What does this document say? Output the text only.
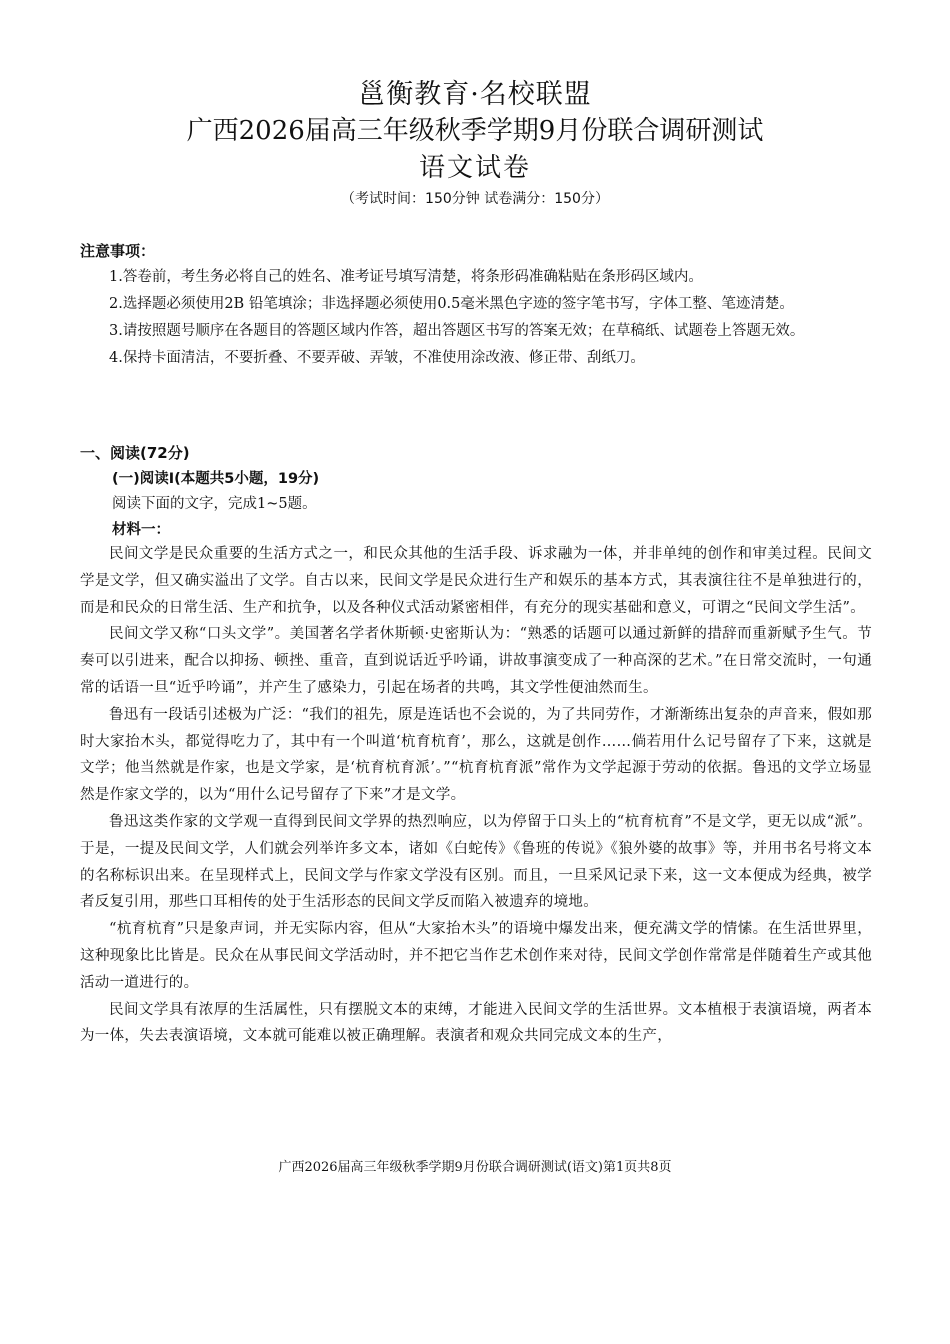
邕衡教育·名校联盟
广西2026届高三年级秋季学期9月份联合调研测试
语文试卷
（考试时间：150分钟 试卷满分：150分）
注意事项：

1.答卷前，考生务必将自己的姓名、准考证号填写清楚，将条形码准确粘贴在条形码区域内。

2.选择题必须使用2B 铅笔填涂；非选择题必须使用0.5毫米黑色字迹的签字笔书写，字体工整、笔迹清楚。

3.请按照题号顺序在各题目的答题区域内作答，超出答题区书写的答案无效；在草稿纸、试题卷上答题无效。

4.保持卡面清洁，不要折叠、不要弄破、弄皱，不准使用涂改液、修正带、刮纸刀。

一、阅读(72分)
(一)阅读Ⅰ(本题共5小题，19分)
阅读下面的文字，完成1~5题。
材料一：

民间文学是民众重要的生活方式之一，和民众其他的生活手段、诉求融为一体，并非单纯的创作和审美过程。民间文学是文学，但又确实溢出了文学。自古以来，民间文学是民众进行生产和娱乐的基本方式，其表演往往不是单独进行的，而是和民众的日常生活、生产和抗争，以及各种仪式活动紧密相伴，有充分的现实基础和意义，可谓之“民间文学生活”。

民间文学又称“口头文学”。美国著名学者休斯顿·史密斯认为：“熟悉的话题可以通过新鲜的措辞而重新赋予生气。节奏可以引进来，配合以抑扬、顿挫、重音，直到说话近乎吟诵，讲故事演变成了一种高深的艺术。”在日常交流时，一句通常的话语一旦“近乎吟诵”，并产生了感染力，引起在场者的共鸣，其文学性便油然而生。

鲁迅有一段话引述极为广泛：“我们的祖先，原是连话也不会说的，为了共同劳作，才渐渐练出复杂的声音来，假如那时大家抬木头，都觉得吃力了，其中有一个叫道‘杭育杭育’，那么，这就是创作……倘若用什么记号留存了下来，这就是文学；他当然就是作家，也是文学家，是‘杭育杭育派’。”“杭育杭育派”常作为文学起源于劳动的依据。鲁迅的文学立场显然是作家文学的，以为“用什么记号留存了下来”才是文学。

鲁迅这类作家的文学观一直得到民间文学界的热烈响应，以为停留于口头上的“杭育杭育”不是文学，更无以成“派”。于是，一提及民间文学，人们就会列举许多文本，诸如《白蛇传》《鲁班的传说》《狼外婆的故事》等，并用书名号将文本的名称标识出来。在呈现样式上，民间文学与作家文学没有区别。而且，一旦采风记录下来，这一文本便成为经典，被学者反复引用，那些口耳相传的处于生活形态的民间文学反而陷入被遗弃的境地。

“杭育杭育”只是象声词，并无实际内容，但从“大家抬木头”的语境中爆发出来，便充满文学的情愫。在生活世界里，这种现象比比皆是。民众在从事民间文学活动时，并不把它当作艺术创作来对待，民间文学创作常常是伴随着生产或其他活动一道进行的。

民间文学具有浓厚的生活属性，只有摆脱文本的束缚，才能进入民间文学的生活世界。文本植根于表演语境，两者本为一体，失去表演语境，文本就可能难以被正确理解。表演者和观众共同完成文本的生产，

广西2026届高三年级秋季学期9月份联合调研测试(语文)第1页共8页
